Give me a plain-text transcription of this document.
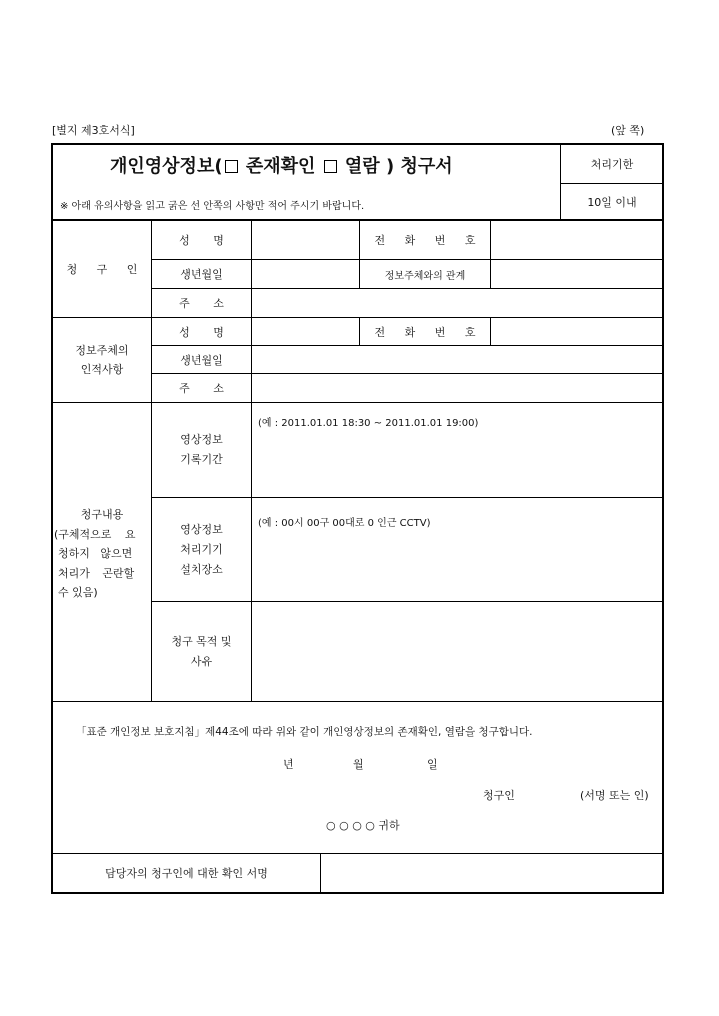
[별지 제3호서식]	(앞 쪽)
개인영상정보( 존재확인  열람 ) 청구서
※ 아래 유의사항을 읽고 굵은 선 안쪽의 사항만 적어 주시기 바랍니다.
처리기한
10일 이내
청 구 인
성 명	전 화 번 호
생년월일	정보주체와의 관계
주 소
정보주체의
인적사항
성 명	전 화 번 호
생년월일
주 소
청구내용
(구체적으로 요
청하지 않으면
처리가 곤란할
수 있음)
영상정보
기록기간
(예 : 2011.01.01 18:30 ~ 2011.01.01 19:00)
영상정보
처리기기
설치장소
(예 : 00시 00구 00대로 0 인근 CCTV)
청구 목적 및
사유
「표준 개인정보 보호지침」제44조에 따라 위와 같이 개인영상정보의 존재확인, 열람을 청구합니다.
년	월	일
청구인	(서명 또는 인)
○ ○ ○ ○ 귀하
담당자의 청구인에 대한 확인 서명
